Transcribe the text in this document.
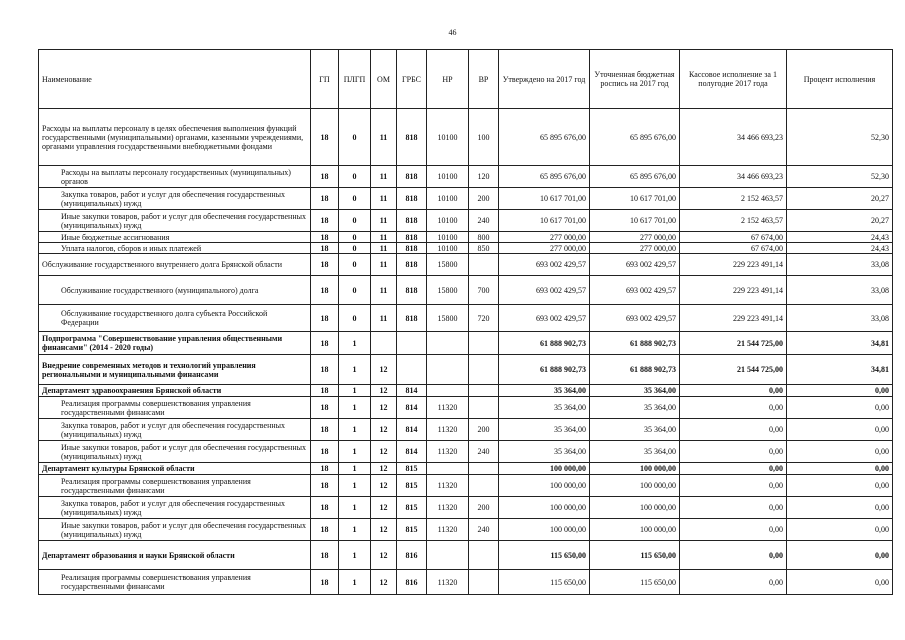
46
Наименование	ГП	ПЛГП	ОМ	ГРБС	НР	ВР	Утверждено на 2017 год	Уточненная бюджетная роспись на 2017 год	Кассовое исполнение за 1 полугодие 2017 года	Процент исполнения
Расходы на выплаты персоналу в целях обеспечения выполнения функций государственными (муниципальными) органами, казенными учреждениями, органами управления государственными внебюджетными фондами	18	0	11	818	10100	100	65 895 676,00	65 895 676,00	34 466 693,23	52,30
Расходы на выплаты персоналу государственных (муниципальных) органов	18	0	11	818	10100	120	65 895 676,00	65 895 676,00	34 466 693,23	52,30
Закупка товаров, работ и услуг для обеспечения государственных (муниципальных) нужд	18	0	11	818	10100	200	10 617 701,00	10 617 701,00	2 152 463,57	20,27
Иные закупки товаров, работ и услуг для обеспечения государственных (муниципальных) нужд	18	0	11	818	10100	240	10 617 701,00	10 617 701,00	2 152 463,57	20,27
Иные бюджетные ассигнования	18	0	11	818	10100	800	277 000,00	277 000,00	67 674,00	24,43
Уплата налогов, сборов и иных платежей	18	0	11	818	10100	850	277 000,00	277 000,00	67 674,00	24,43
Обслуживание государственного внутреннего долга Брянской области	18	0	11	818	15800		693 002 429,57	693 002 429,57	229 223 491,14	33,08
Обслуживание государственного (муниципального) долга	18	0	11	818	15800	700	693 002 429,57	693 002 429,57	229 223 491,14	33,08
Обслуживание государственного долга субъекта Российской Федерации	18	0	11	818	15800	720	693 002 429,57	693 002 429,57	229 223 491,14	33,08
Подпрограмма "Совершенствование управления общественными финансами" (2014 - 2020 годы)	18	1					61 888 902,73	61 888 902,73	21 544 725,00	34,81
Внедрение современных методов и технологий управления региональными и муниципальными финансами	18	1	12				61 888 902,73	61 888 902,73	21 544 725,00	34,81
Департамент здравоохранения Брянской области	18	1	12	814			35 364,00	35 364,00	0,00	0,00
Реализация программы совершенствования управления государственными финансами	18	1	12	814	11320		35 364,00	35 364,00	0,00	0,00
Закупка товаров, работ и услуг для обеспечения государственных (муниципальных) нужд	18	1	12	814	11320	200	35 364,00	35 364,00	0,00	0,00
Иные закупки товаров, работ и услуг для обеспечения государственных (муниципальных) нужд	18	1	12	814	11320	240	35 364,00	35 364,00	0,00	0,00
Департамент культуры Брянской области	18	1	12	815			100 000,00	100 000,00	0,00	0,00
Реализация программы совершенствования управления государственными финансами	18	1	12	815	11320		100 000,00	100 000,00	0,00	0,00
Закупка товаров, работ и услуг для обеспечения государственных (муниципальных) нужд	18	1	12	815	11320	200	100 000,00	100 000,00	0,00	0,00
Иные закупки товаров, работ и услуг для обеспечения государственных (муниципальных) нужд	18	1	12	815	11320	240	100 000,00	100 000,00	0,00	0,00
Департамент образования и науки Брянской области	18	1	12	816			115 650,00	115 650,00	0,00	0,00
Реализация программы совершенствования управления государственными финансами	18	1	12	816	11320		115 650,00	115 650,00	0,00	0,00
